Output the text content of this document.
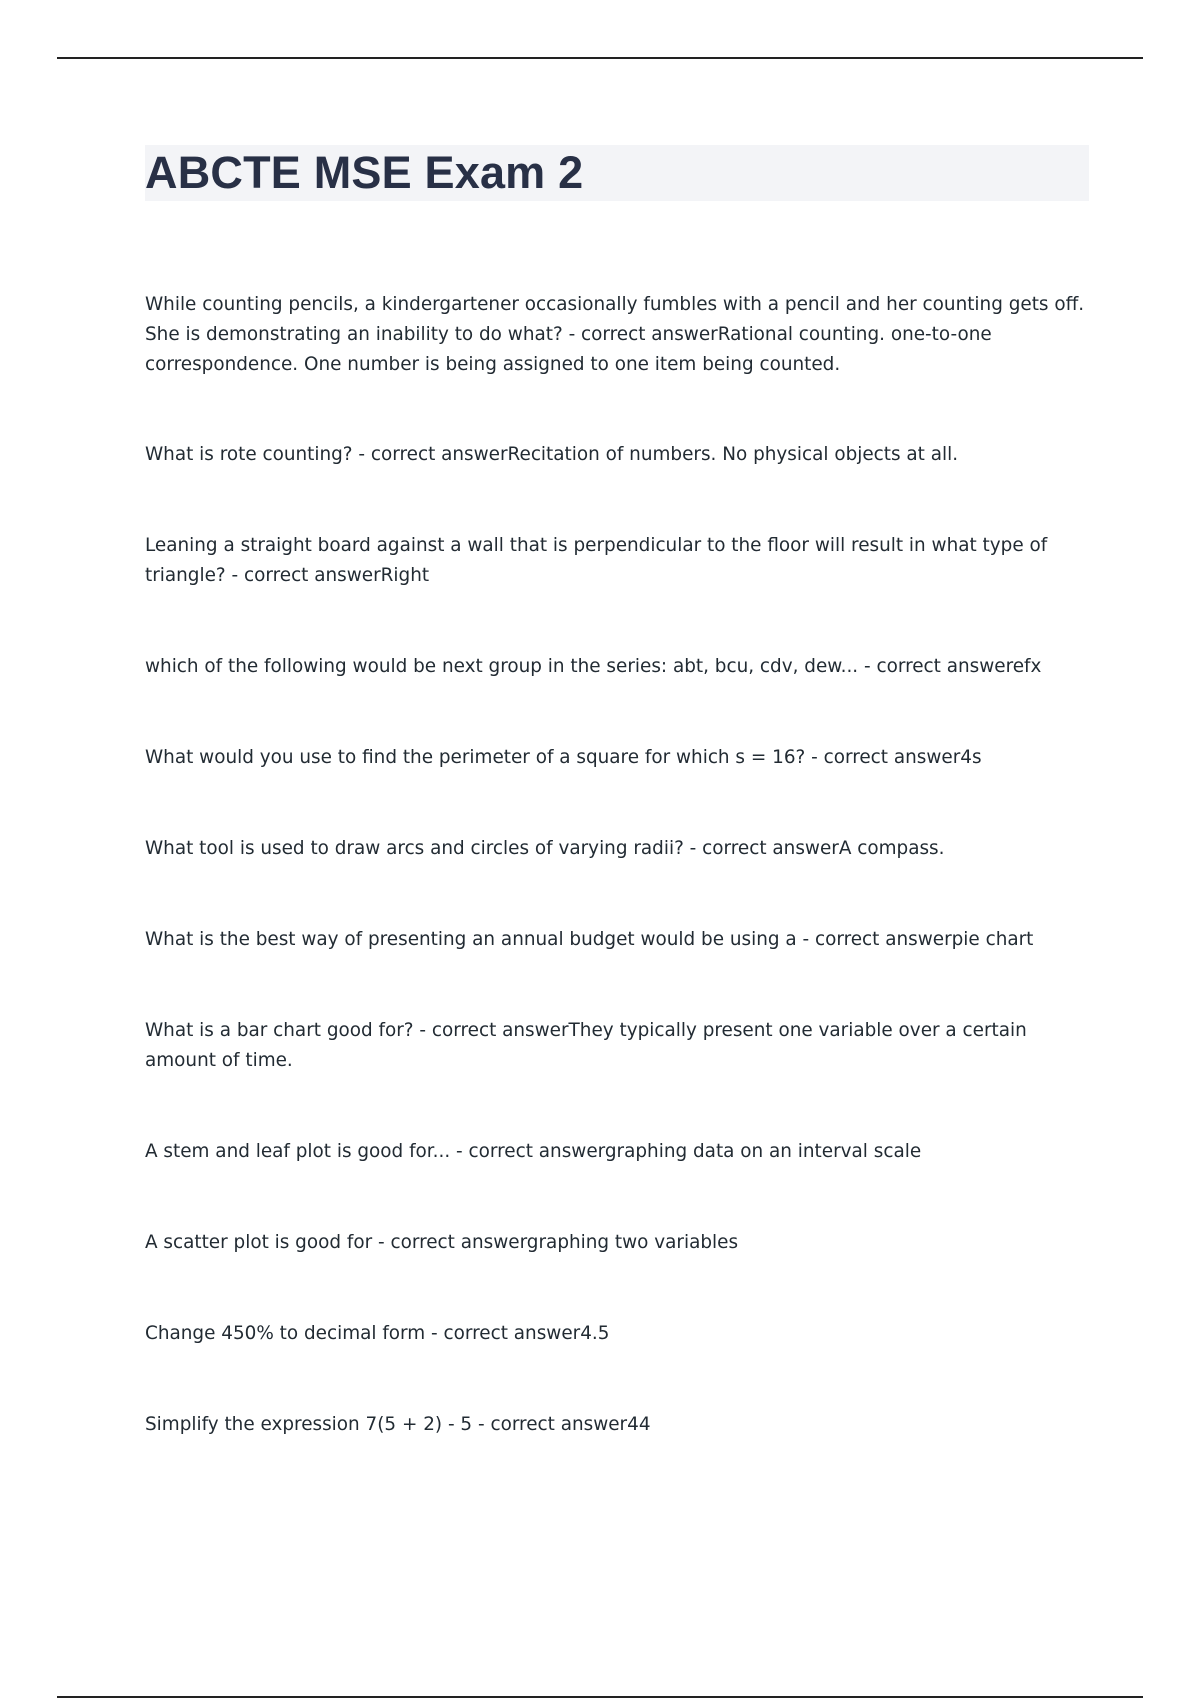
ABCTE MSE Exam 2
While counting pencils, a kindergartener occasionally fumbles with a pencil and her counting gets off. She is demonstrating an inability to do what? - correct answerRational counting. one-to-one correspondence. One number is being assigned to one item being counted.
What is rote counting? - correct answerRecitation of numbers. No physical objects at all.
Leaning a straight board against a wall that is perpendicular to the floor will result in what type of triangle? - correct answerRight
which of the following would be next group in the series: abt, bcu, cdv, dew... - correct answerefx
What would you use to find the perimeter of a square for which s = 16? - correct answer4s
What tool is used to draw arcs and circles of varying radii? - correct answerA compass.
What is the best way of presenting an annual budget would be using a - correct answerpie chart
What is a bar chart good for? - correct answerThey typically present one variable over a certain amount of time.
A stem and leaf plot is good for... - correct answergraphing data on an interval scale
A scatter plot is good for - correct answergraphing two variables
Change 450% to decimal form - correct answer4.5
Simplify the expression 7(5 + 2) - 5 - correct answer44
